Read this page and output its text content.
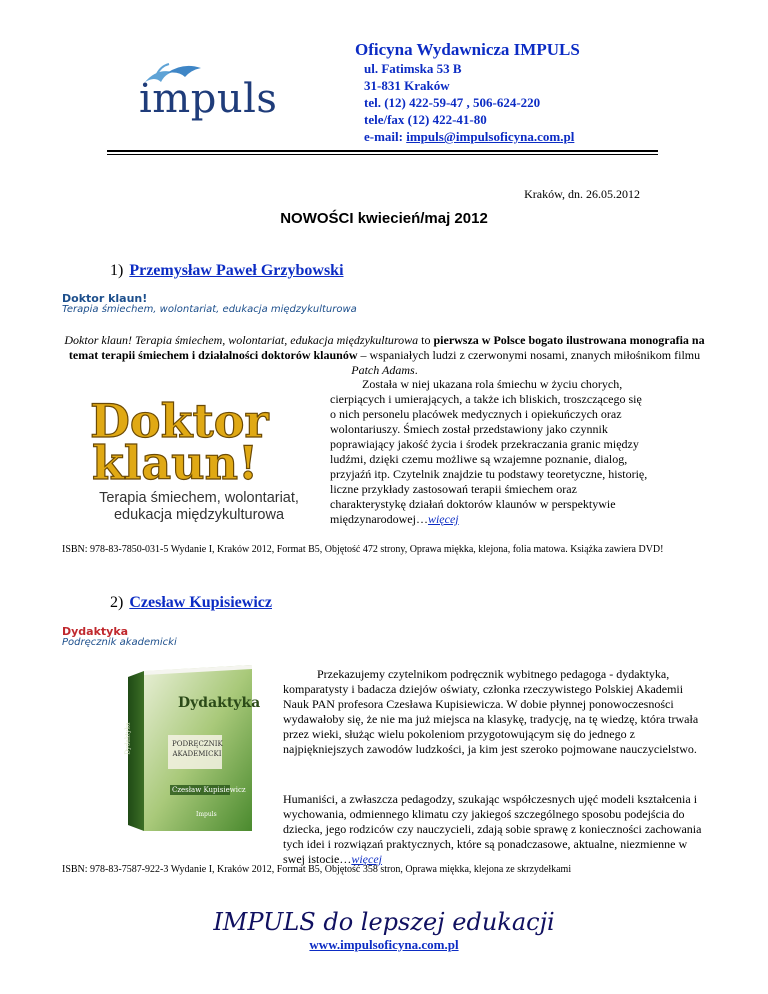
impuls
Oficyna Wydawnicza IMPULS
ul. Fatimska 53 B
31-831 Kraków
tel. (12) 422-59-47 , 506-624-220
tele/fax (12) 422-41-80
e-mail: impuls@impulsoficyna.com.pl
Kraków, dn. 26.05.2012
NOWOŚCI kwiecień/maj 2012
1) Przemysław Paweł Grzybowski
Doktor klaun!
Terapia śmiechem, wolontariat, edukacja międzykulturowa
Doktor klaun! Terapia śmiechem, wolontariat, edukacja międzykulturowa to pierwsza w Polsce bogato ilustrowana monografia na temat terapii śmiechem i działalności doktorów klaunów – wspaniałych ludzi z czerwonymi nosami, znanych miłośnikom filmu Patch Adams.
Doktor
klaun!
Terapia śmiechem, wolontariat,
edukacja międzykulturowa
Została w niej ukazana rola śmiechu w życiu chorych, cierpiących i umierających, a także ich bliskich, troszczącego się o nich personelu placówek medycznych i opiekuńczych oraz wolontariuszy. Śmiech został przedstawiony jako czynnik poprawiający jakość życia i środek przekraczania granic między ludźmi, dzięki czemu możliwe są wzajemne poznanie, dialog, przyjaźń itp. Czytelnik znajdzie tu podstawy teoretyczne, historię, liczne przykłady zastosowań terapii śmiechem oraz charakterystykę działań doktorów klaunów w perspektywie międzynarodowej…więcej
ISBN: 978-83-7850-031-5 Wydanie I, Kraków 2012, Format B5, Objętość 472 strony, Oprawa miękka, klejona, folia matowa. Książka zawiera DVD!
2) Czesław Kupisiewicz
Dydaktyka
Podręcznik akademicki
Dydaktyka
PODRĘCZNIK
AKADEMICKI
Czesław Kupisiewicz
Dydaktyka
Impuls
Przekazujemy czytelnikom podręcznik wybitnego pedagoga - dydaktyka, komparatysty i badacza dziejów oświaty, członka rzeczywistego Polskiej Akademii Nauk PAN profesora Czesława Kupisiewicza. W dobie płynnej ponowoczesności wydawałoby się, że nie ma już miejsca na klasykę, tradycję, na tę wiedzę, która trwała przez wieki, służąc wielu pokoleniom przygotowującym się do jednego z najpiękniejszych zawodów ludzkości, ja kim jest szeroko pojmowane nauczycielstwo.
Humaniści, a zwłaszcza pedagodzy, szukając współczesnych ujęć modeli kształcenia i wychowania, odmiennego klimatu czy jakiegoś szczególnego sposobu podejścia do dziecka, jego rodziców czy nauczycieli, zdają sobie sprawę z konieczności zachowania tych idei i rozwiązań praktycznych, które są ponadczasowe, aktualne, niezmienne w swej istocie…więcej
ISBN: 978-83-7587-922-3 Wydanie I, Kraków 2012, Format B5, Objętość 358 stron, Oprawa miękka, klejona ze skrzydełkami
IMPULS do lepszej edukacji
www.impulsoficyna.com.pl
